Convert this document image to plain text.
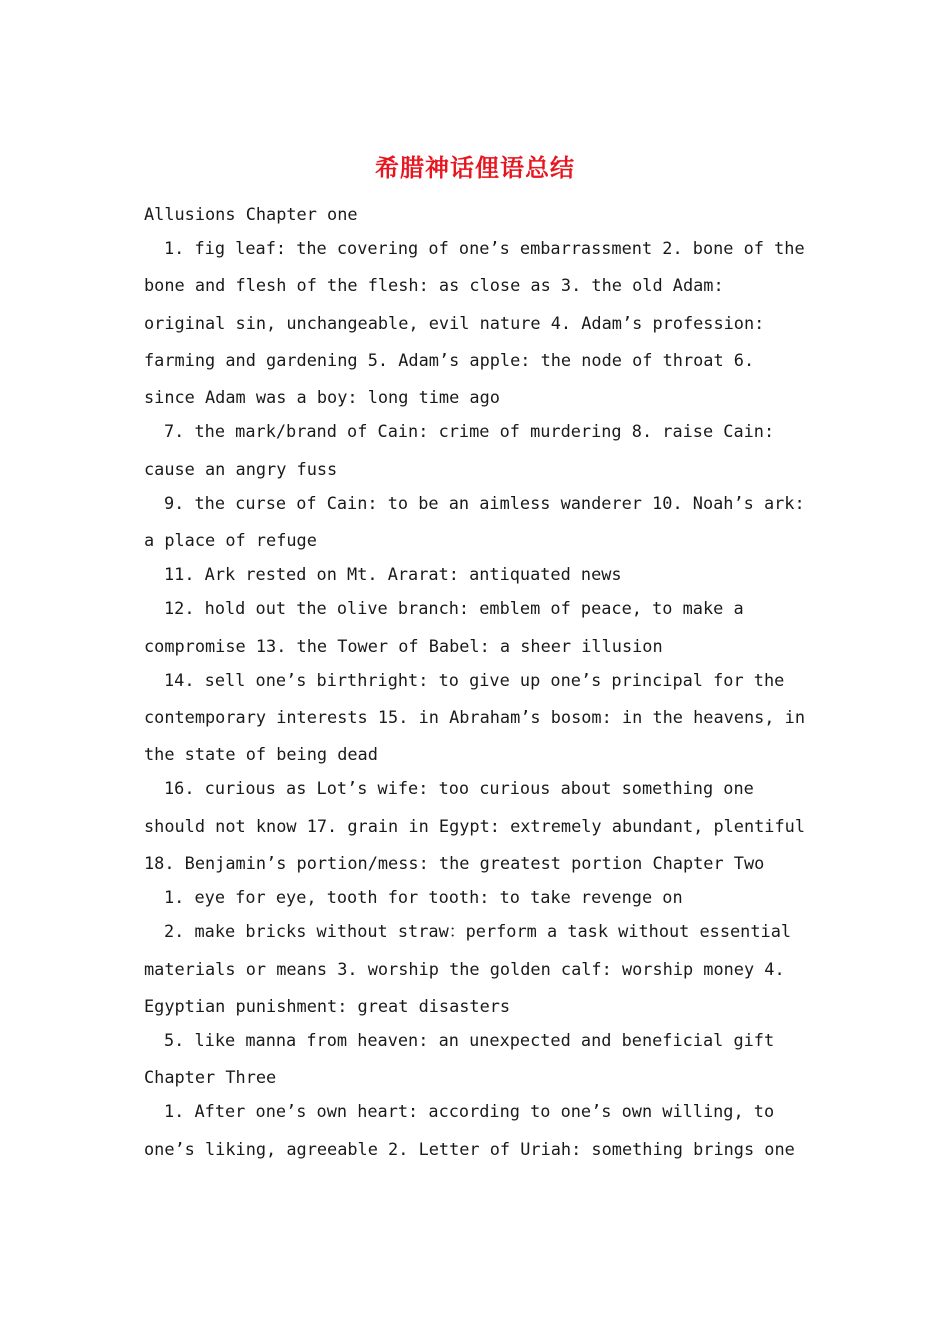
希腊神话俚语总结

Allusions Chapter one

1. fig leaf: the covering of one’s embarrassment 2. bone of the bone and flesh of the flesh: as close as 3. the old Adam: original sin, unchangeable, evil nature 4. Adam’s profession: farming and gardening 5. Adam’s apple: the node of throat 6. since Adam was a boy: long time ago

7. the mark/brand of Cain: crime of murdering 8. raise Cain: cause an angry fuss

9. the curse of Cain: to be an aimless wanderer 10. Noah’s ark: a place of refuge

11. Ark rested on Mt. Ararat: antiquated news

12. hold out the olive branch: emblem of peace, to make a compromise 13. the Tower of Babel: a sheer illusion

14. sell one’s birthright: to give up one’s principal for the contemporary interests 15. in Abraham’s bosom: in the heavens, in the state of being dead

16. curious as Lot’s wife: too curious about something one should not know 17. grain in Egypt: extremely abundant, plentiful 18. Benjamin’s portion/mess: the greatest portion Chapter Two

1. eye for eye, tooth for tooth: to take revenge on

2. make bricks without straw：perform a task without essential materials or means 3. worship the golden calf: worship money 4. Egyptian punishment: great disasters

5. like manna from heaven: an unexpected and beneficial gift Chapter Three

1. After one’s own heart: according to one’s own willing, to one’s liking, agreeable 2. Letter of Uriah: something brings one
